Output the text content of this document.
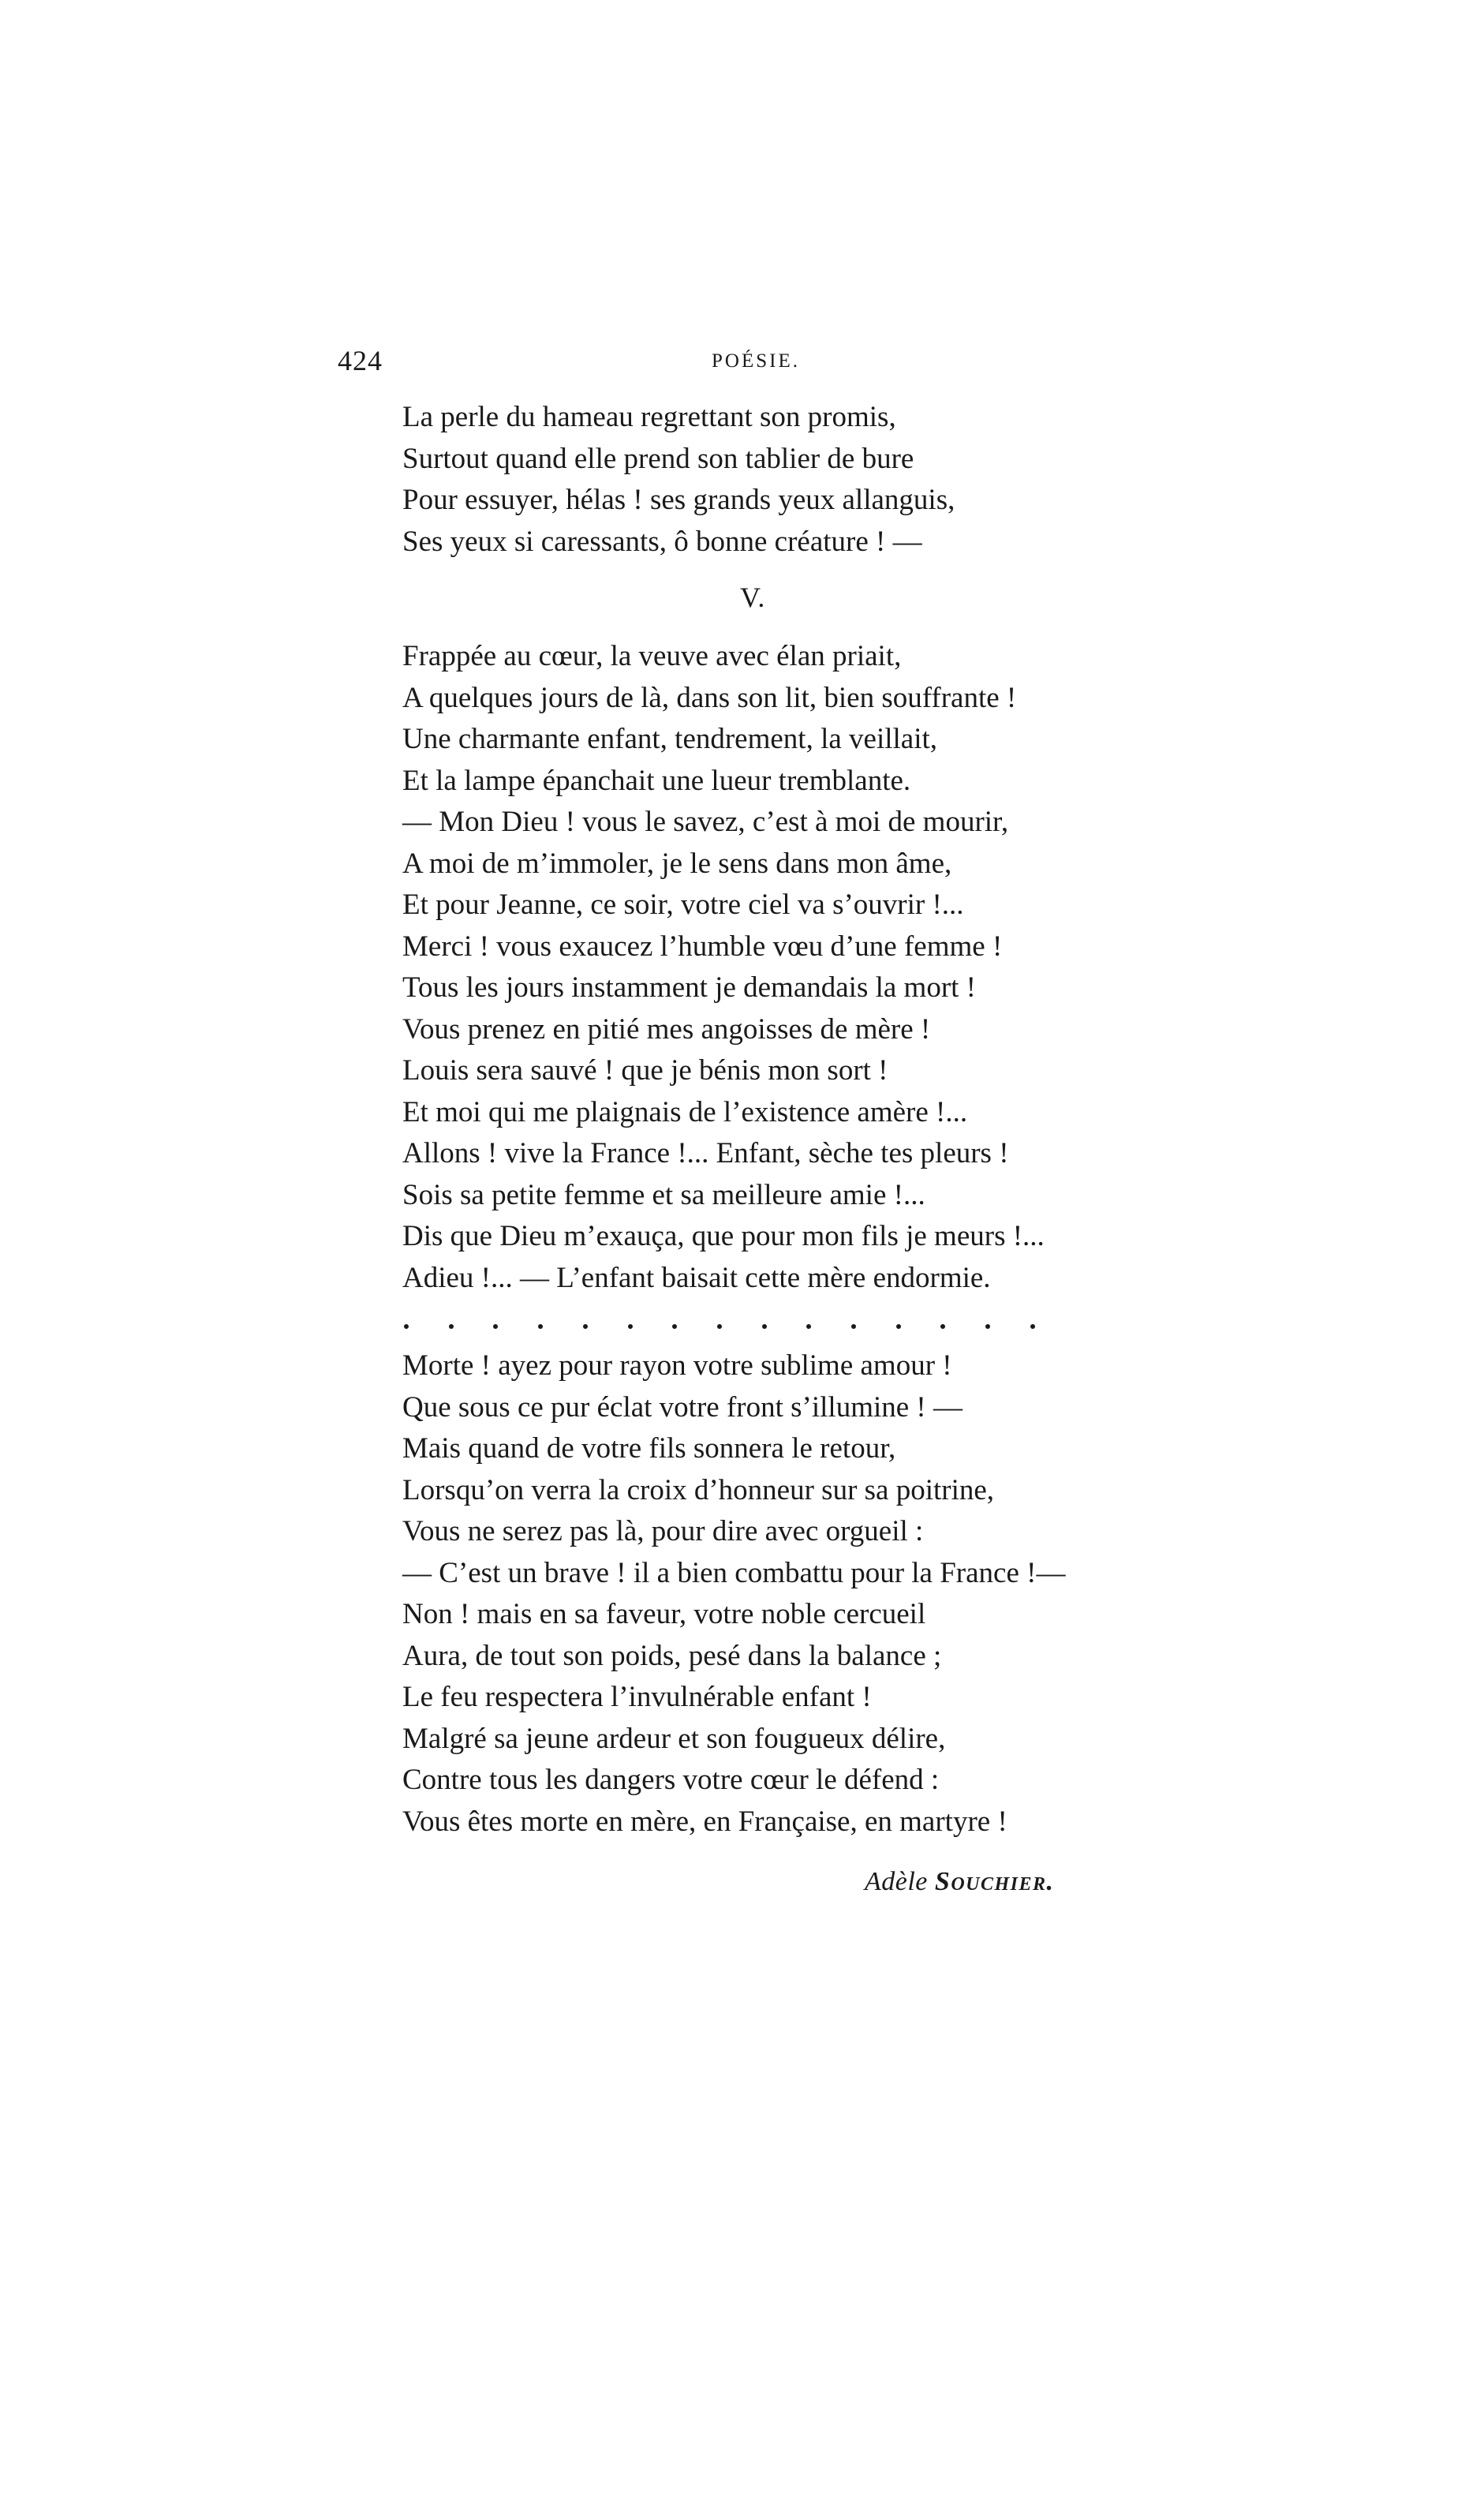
424	POÉSIE.
La perle du hameau regrettant son promis,
Surtout quand elle prend son tablier de bure
Pour essuyer, hélas ! ses grands yeux allanguis,
Ses yeux si caressants, ô bonne créature ! —
V.
Frappée au cœur, la veuve avec élan priait,
A quelques jours de là, dans son lit, bien souffrante !
Une charmante enfant, tendrement, la veillait,
Et la lampe épanchait une lueur tremblante.
— Mon Dieu ! vous le savez, c’est à moi de mourir,
A moi de m’immoler, je le sens dans mon âme,
Et pour Jeanne, ce soir, votre ciel va s’ouvrir !...
Merci ! vous exaucez l’humble vœu d’une femme !
Tous les jours instamment je demandais la mort !
Vous prenez en pitié mes angoisses de mère !
Louis sera sauvé ! que je bénis mon sort !
Et moi qui me plaignais de l’existence amère !...
Allons ! vive la France !... Enfant, sèche tes pleurs !
Sois sa petite femme et sa meilleure amie !...
Dis que Dieu m’exauça, que pour mon fils je meurs !...
Adieu !... — L’enfant baisait cette mère endormie.
Morte ! ayez pour rayon votre sublime amour !
Que sous ce pur éclat votre front s’illumine ! —
Mais quand de votre fils sonnera le retour,
Lorsqu’on verra la croix d’honneur sur sa poitrine,
Vous ne serez pas là, pour dire avec orgueil :
— C’est un brave ! il a bien combattu pour la France !—
Non ! mais en sa faveur, votre noble cercueil
Aura, de tout son poids, pesé dans la balance ;
Le feu respectera l’invulnérable enfant !
Malgré sa jeune ardeur et son fougueux délire,
Contre tous les dangers votre cœur le défend :
Vous êtes morte en mère, en Française, en martyre !
Adèle Souchier.
